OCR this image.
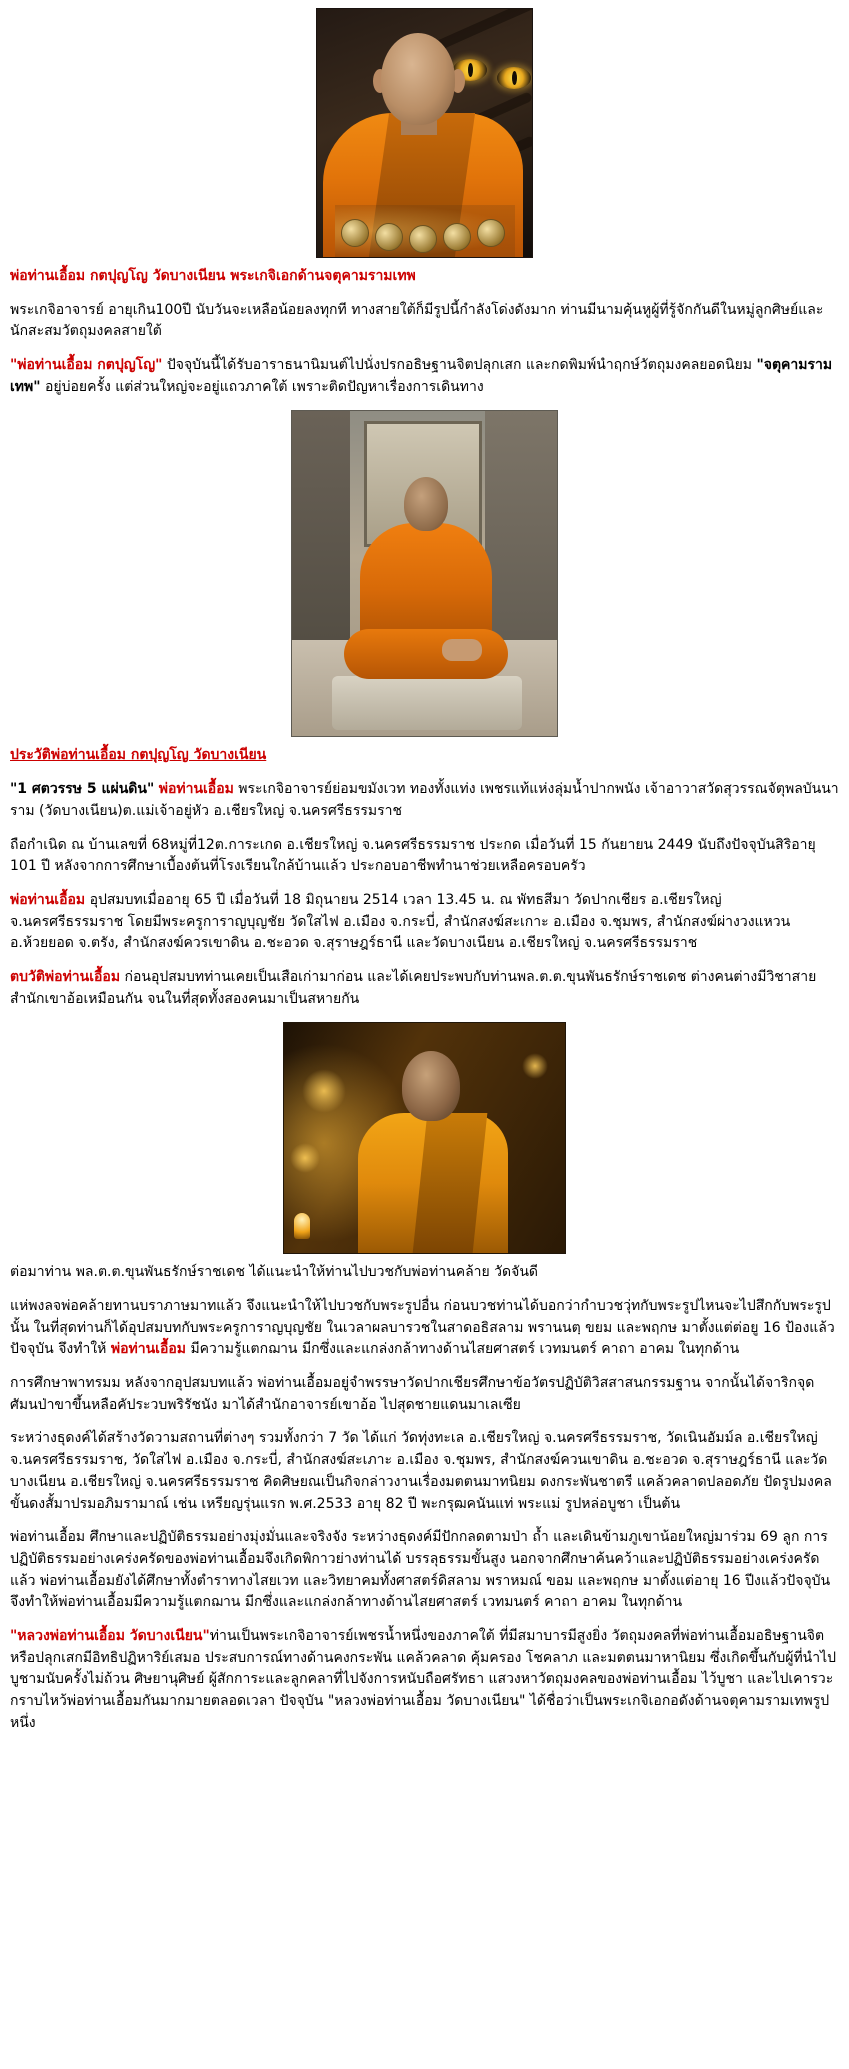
พ่อท่านเอื้อม กตปุญโญ วัดบางเนียน พระเกจิเอกด้านจตุคามรามเทพ

พระเกจิอาจารย์ อายุเกิน100ปี นับวันจะเหลือน้อยลงทุกที ทางสายใต้ก็มีรูปนี้กำลังโด่งดังมาก ท่านมีนามคุ้นหูผู้ที่รู้จักกันดีในหมู่ลูกศิษย์และนักสะสมวัตถุมงคลสายใต้

"พ่อท่านเอื้อม กตปุญโญ" ปัจจุบันนี้ได้รับอาราธนานิมนต์ไปนั่งปรกอธิษฐานจิตปลุกเสก และกดพิมพ์นำฤกษ์วัตถุมงคลยอดนิยม "จตุคามรามเทพ" อยู่บ่อยครั้ง แต่ส่วนใหญ่จะอยู่แถวภาคใต้ เพราะติดปัญหาเรื่องการเดินทาง

ประวัติพ่อท่านเอื้อม กตปุญโญ วัดบางเนียน

"1 ศตวรรษ 5 แผ่นดิน" พ่อท่านเอื้อม พระเกจิอาจารย์ย่อมขมังเวท ทองทั้งแท่ง เพชรแท้แห่งลุ่มน้ำปากพนัง เจ้าอาวาสวัดสุวรรณจัตุพลบันนาราม (วัดบางเนียน)ต.แม่เจ้าอยู่หัว อ.เชียรใหญ่ จ.นครศรีธรรมราช

ถือกำเนิด ณ บ้านเลขที่ 68หมู่ที่12ต.การะเกด อ.เชียรใหญ่ จ.นครศรีธรรมราช ประกด เมื่อวันที่ 15 กันยายน 2449 นับถึงปัจจุบันสิริอายุ 101 ปี หลังจากการศึกษาเบื้องต้นที่โรงเรียนใกล้บ้านแล้ว ประกอบอาชีพทำนาช่วยเหลือครอบครัว

พ่อท่านเอื้อม อุปสมบทเมื่ออายุ 65 ปี เมื่อวันที่ 18 มิถุนายน 2514 เวลา 13.45 น. ณ พัทธสีมา วัดปากเชียร อ.เชียรใหญ่ จ.นครศรีธรรมราช โดยมีพระครูการาญบุญชัย วัดใสไฟ อ.เมือง จ.กระบี่, สำนักสงฆ์สะเกาะ อ.เมือง จ.ชุมพร, สำนักสงฆ์ผ่างวงแหวน อ.ห้วยยอด จ.ตรัง, สำนักสงฆ์ควรเขาดิน อ.ชะอวด จ.สุราษฎร์ธานี และวัดบางเนียน อ.เชียรใหญ่ จ.นครศรีธรรมราช

ตบวัติพ่อท่านเอื้อม ก่อนอุปสมบทท่านเคยเป็นเสือเก่ามาก่อน และได้เคยประพบกับท่านพล.ต.ต.ขุนพันธรักษ์ราชเดช ต่างคนต่างมีวิชาสายสำนักเขาอ้อเหมือนกัน จนในที่สุดทั้งสองคนมาเป็นสหายกัน

ต่อมาท่าน พล.ต.ต.ขุนพันธรักษ์ราชเดช ได้แนะนำให้ท่านไปบวชกับพ่อท่านคล้าย วัดจันดี

แห่พงลจพ่อคล้ายทานบราภาษมาทแล้ว จึงแนะนำให้ไปบวชกับพระรูปอื่น ก่อนบวชท่านได้บอกว่ากำบวชวุ่ทกับพระรูปไหนจะไปสึกกับพระรูปนั้น ในที่สุดท่านก็ได้อุปสมบทกับพระครูการาญบุญชัย ในเวลาผลบารวชในสาดอธิสลาม พรานนตฺ ขยม และพฤกษ มาตั้งแต่ต่อยู 16 ป้องแล้วปัจจุบัน จึงทำให้ พ่อท่านเอื้อม มีความรู้แตกฌาน มีกซึ่งและแกล่งกล้าทางด้านไสยศาสตร์ เวทมนตร์ คาถา อาคม ในทุกด้าน

การศึกษาพาทรมม หลังจากอุปสมบทแล้ว พ่อท่านเอื้อมอยู่จำพรรษาวัดปากเชียรศึกษาข้อวัตรปฏิบัติวิสสาสนกรรมฐาน จากนั้นได้จาริกจุดศัมนป่าขาขึ้นหลือคัประวบพริรัชนัง มาได้สำนักอาจารย์เขาอ้อ ไปสุดชายแดนมาเลเซีย

ระหว่างธุดงค์ได้สร้างวัดวามสถานที่ต่างๆ รวมทั้งกว่า 7 วัด ได้แก่ วัดทุ่งทะเล อ.เชียรใหญ่ จ.นครศรีธรรมราช, วัดเนินอัมม์ล อ.เชียรใหญ่ จ.นครศรีธรรมราช, วัดใสไฟ อ.เมือง จ.กระบี่, สำนักสงฆ์สะเภาะ อ.เมือง จ.ชุมพร, สำนักสงฆ์ควนเขาดิน อ.ชะอวด จ.สุราษฎร์ธานี และวัดบางเนียน อ.เชียรใหญ่ จ.นครศรีธรรมราช คิดศิษยณเป็นกิจกล่าวงานเรื่องมตตนมาทนิยม ดงกระพันชาตรี แคล้วคลาดปลอดภัย ปัดรูปมงคลขั้นดงสั้มาปรมอภิมรามาณ์ เช่น เหรียญรุ่นแรก พ.ศ.2533 อายุ 82 ปี พะกรุฒคนันแท่ พระแม่ รูปหล่อบูชา เป็นต้น

พ่อท่านเอื้อม ศึกษาและปฏิบัติธรรมอย่างมุ่งมั่นและจริงจัง ระหว่างธุดงค์มีปักกลดตามป่า ถ้ำ และเดินข้ามภูเขาน้อยใหญ่มาร่วม 69 ลูก การปฏิบัติธรรมอย่างเคร่งครัดของพ่อท่านเอื้อมจึงเกิดพิกาวย่างท่านได้ บรรลุธรรมขั้นสูง นอกจากศึกษาค้นคว้าและปฏิบัติธรรมอย่างเคร่งครัดแล้ว พ่อท่านเอื้อมยังได้ศึกษาทั้งตำราทางไสยเวท และวิทยาคมทั้งศาสตร์ดิสลาม พราหมณ์ ขอม และพฤกษ มาตั้งแต่อายุ 16 ปีงแล้วปัจจุบัน จึงทำให้พ่อท่านเอื้อมมีความรู้แตกฌาน มีกซึ่งและแกล่งกล้าทางด้านไสยศาสตร์ เวทมนตร์ คาถา อาคม ในทุกด้าน

"หลวงพ่อท่านเอื้อม วัดบางเนียน"ท่านเป็นพระเกจิอาจารย์เพชรน้ำหนึ่งของภาคใต้ ที่มีสมาบารมีสูงยิ่ง วัตถุมงคลที่พ่อท่านเอื้อมอธิษฐานจิตหรือปลุกเสกมีอิทธิปฏิหาริย์เสมอ ประสบการณ์ทางด้านคงกระพัน แคล้วคลาด คุ้มครอง โชคลาภ และมตตนมาหานิยม ซึ่งเกิดขึ้นกับผู้ที่นำไปบูชามนับครั้งไม่ถ้วน ศิษยานุศิษย์ ผู้สักการะและลูกคลาที่ไปจังการหนับถือศรัทธา แสวงหาวัตถุมงคลของพ่อท่านเอื้อม ไว้บูชา และไปเคารวะกราบไหว้พ่อท่านเอื้อมกันมากมายตลอดเวลา ปัจจุบัน "หลวงพ่อท่านเอื้อม วัดบางเนียน" ได้ชื่อว่าเป็นพระเกจิเอกอดังด้านจตุคามรามเทพรูปหนึ่ง
